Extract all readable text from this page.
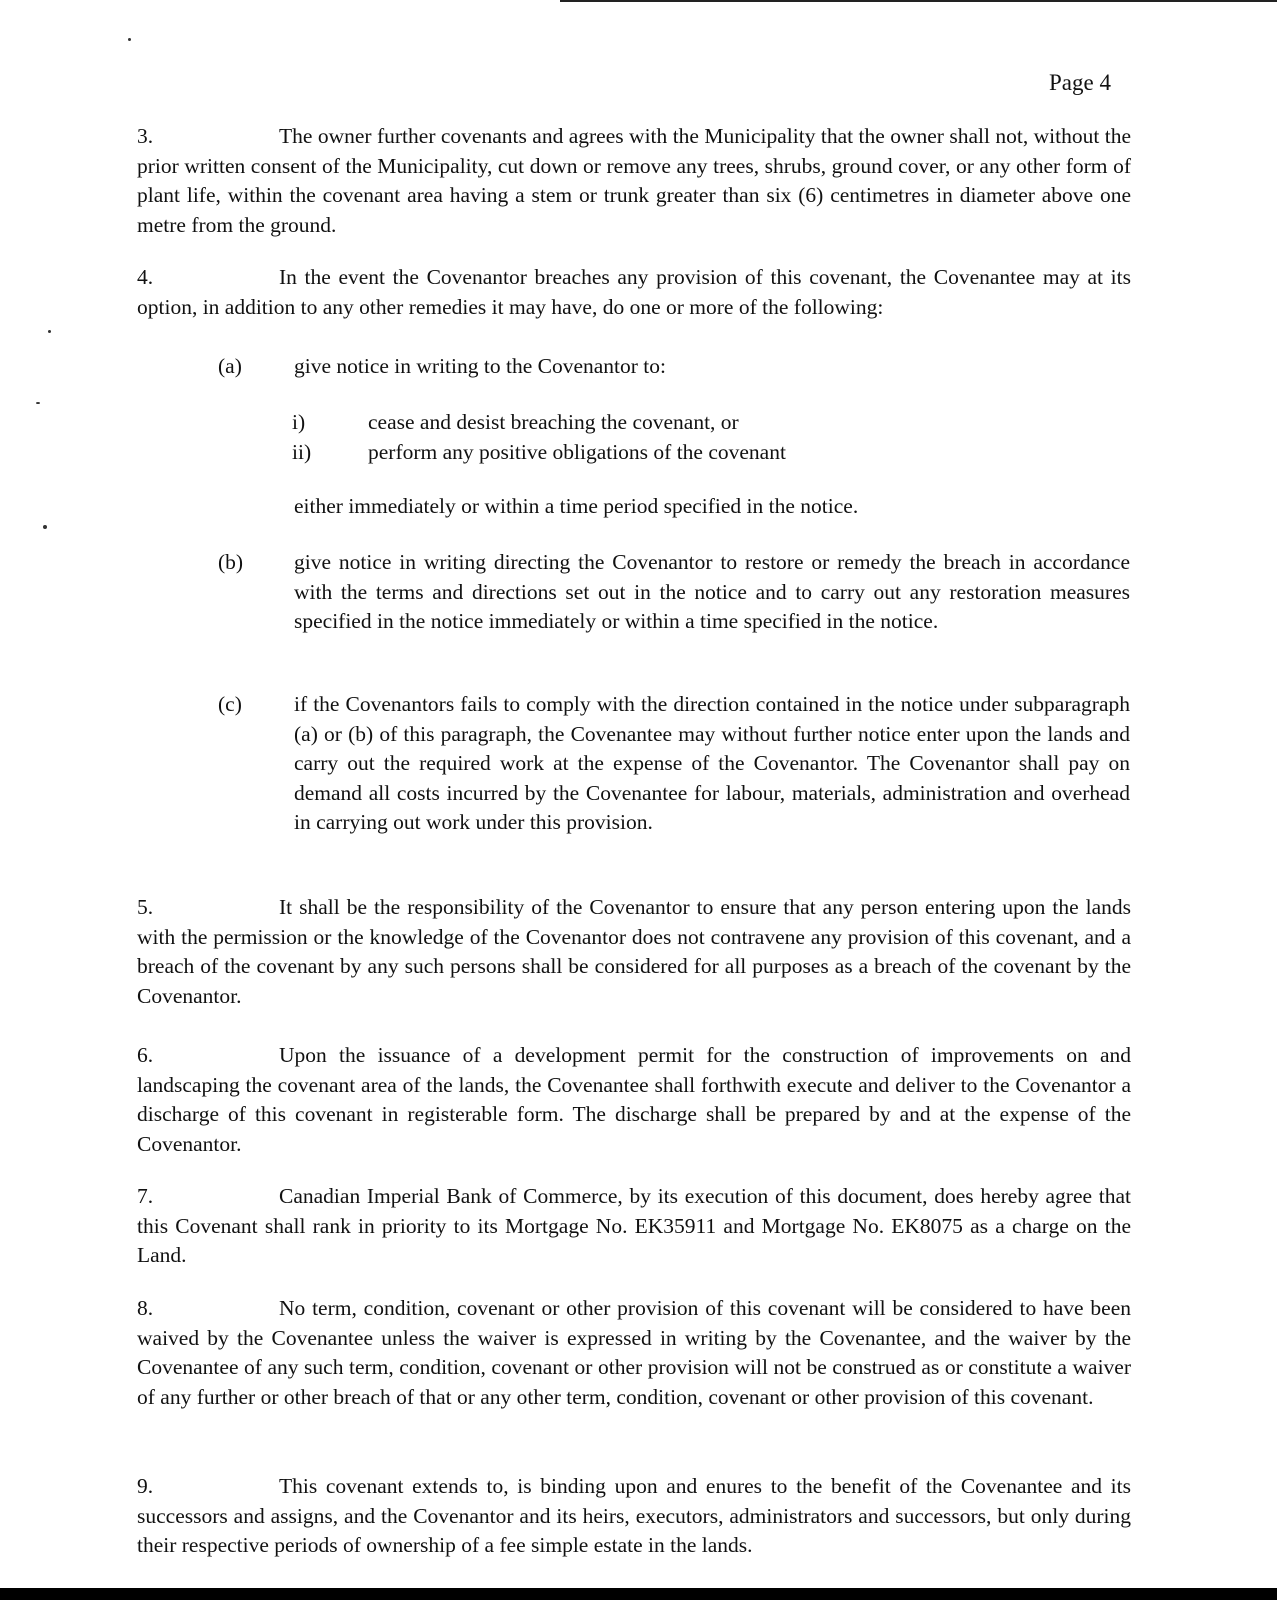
Page 4

3.	The owner further covenants and agrees with the Municipality that the owner shall not, without the prior written consent of the Municipality, cut down or remove any trees, shrubs, ground cover, or any other form of plant life, within the covenant area having a stem or trunk greater than six (6) centimetres in diameter above one metre from the ground.

4.	In the event the Covenantor breaches any provision of this covenant, the Covenantee may at its option, in addition to any other remedies it may have, do one or more of the following:

(a) give notice in writing to the Covenantor to:
i)	cease and desist breaching the covenant, or
ii)	perform any positive obligations of the covenant
either immediately or within a time period specified in the notice.
(b) give notice in writing directing the Covenantor to restore or remedy the breach in accordance with the terms and directions set out in the notice and to carry out any restoration measures specified in the notice immediately or within a time specified in the notice.
(c) if the Covenantors fails to comply with the direction contained in the notice under subparagraph (a) or (b) of this paragraph, the Covenantee may without further notice enter upon the lands and carry out the required work at the expense of the Covenantor. The Covenantor shall pay on demand all costs incurred by the Covenantee for labour, materials, administration and overhead in carrying out work under this provision.

5.	It shall be the responsibility of the Covenantor to ensure that any person entering upon the lands with the permission or the knowledge of the Covenantor does not contravene any provision of this covenant, and a breach of the covenant by any such persons shall be considered for all purposes as a breach of the covenant by the Covenantor.

6.	Upon the issuance of a development permit for the construction of improvements on and landscaping the covenant area of the lands, the Covenantee shall forthwith execute and deliver to the Covenantor a discharge of this covenant in registerable form. The discharge shall be prepared by and at the expense of the Covenantor.

7.	Canadian Imperial Bank of Commerce, by its execution of this document, does hereby agree that this Covenant shall rank in priority to its Mortgage No. EK35911 and Mortgage No. EK8075 as a charge on the Land.

8.	No term, condition, covenant or other provision of this covenant will be considered to have been waived by the Covenantee unless the waiver is expressed in writing by the Covenantee, and the waiver by the Covenantee of any such term, condition, covenant or other provision will not be construed as or constitute a waiver of any further or other breach of that or any other term, condition, covenant or other provision of this covenant.

9.	This covenant extends to, is binding upon and enures to the benefit of the Covenantee and its successors and assigns, and the Covenantor and its heirs, executors, administrators and successors, but only during their respective periods of ownership of a fee simple estate in the lands.
